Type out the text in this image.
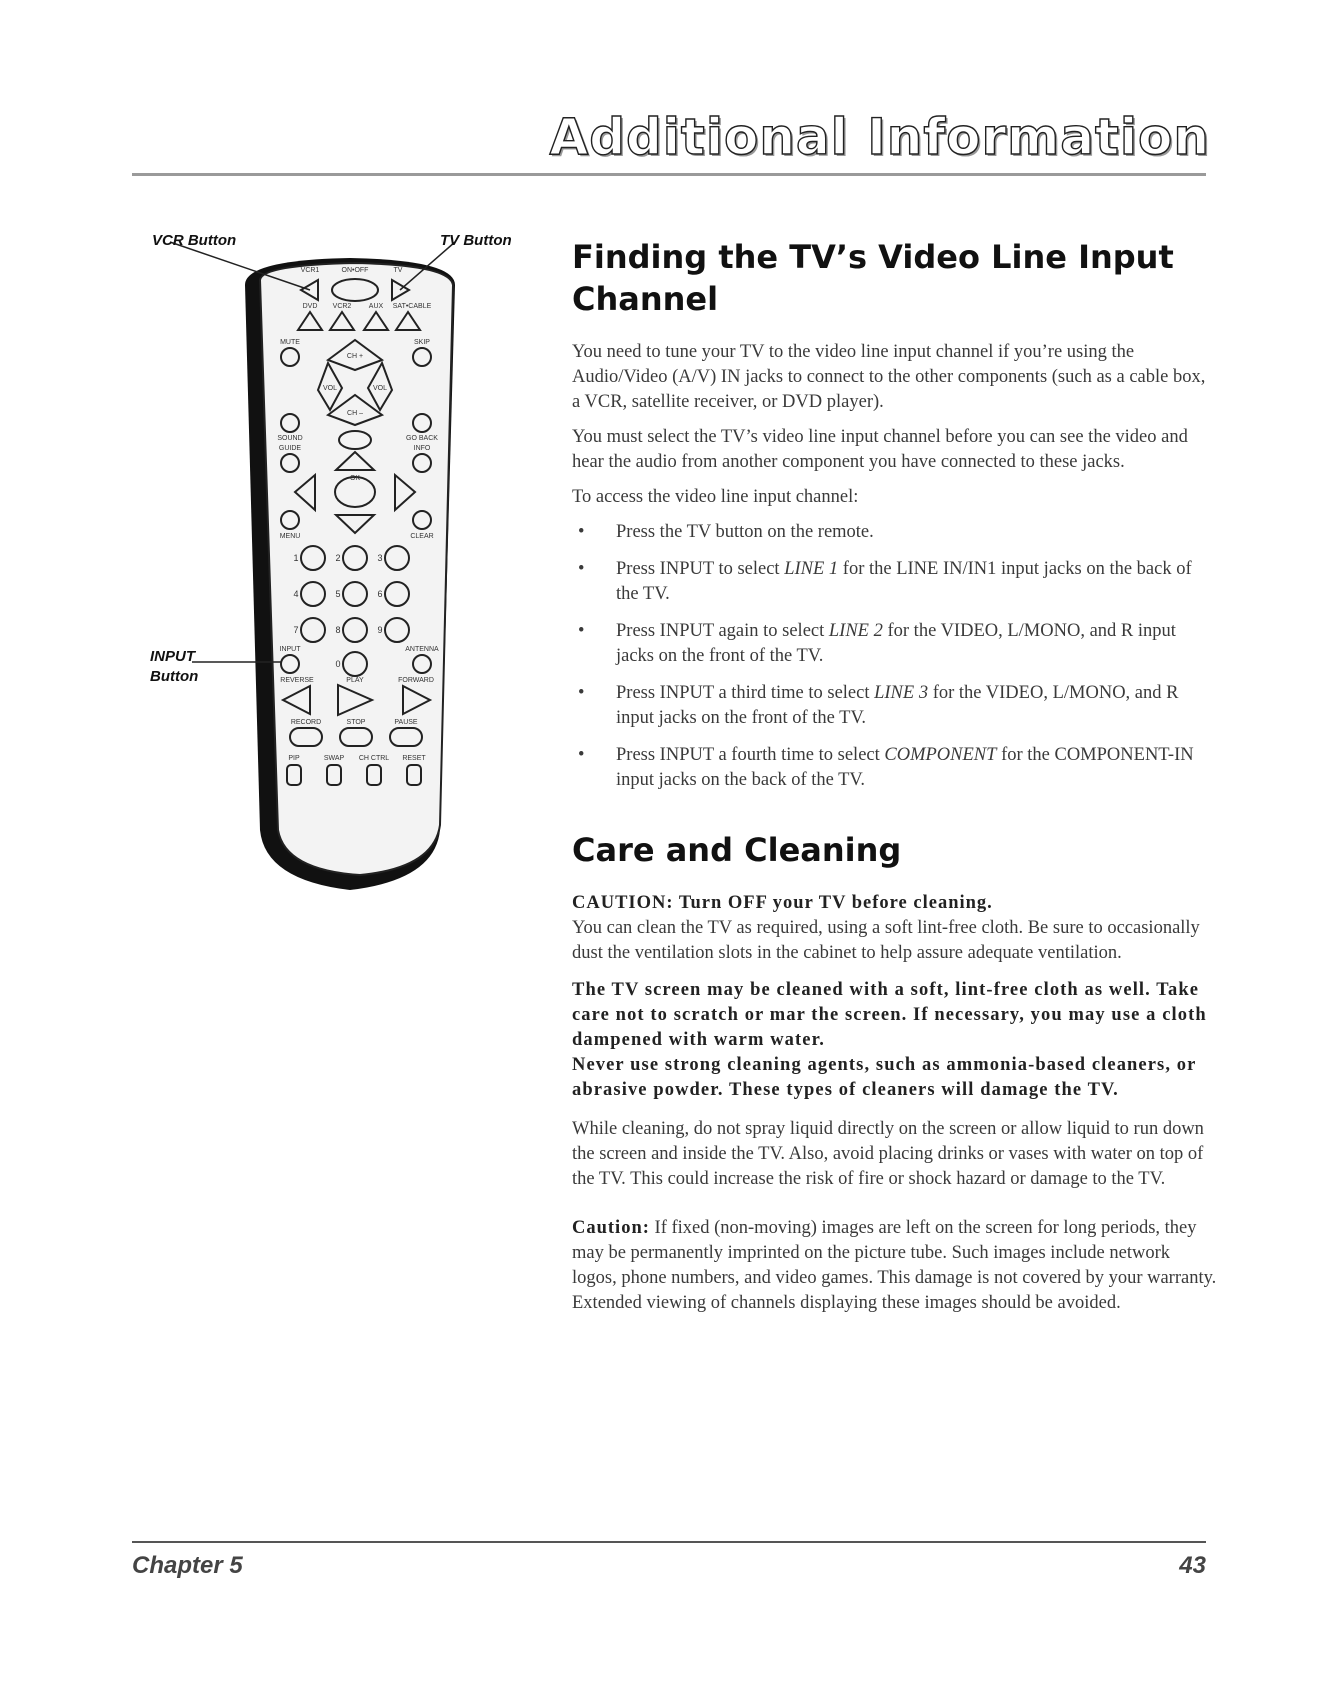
Additional Information
VCR1	ON•OFF	TV
DVD VCR2 AUX SAT•CABLE
MUTE	SKIP
CH +
VOL	VOL
CH –
SOUND	GO BACK
GUIDE	INFO
OK
MENU	CLEAR
1	2	3
4	5	6
7	8	9
0
INPUT	ANTENNA
REVERSE	PLAY	FORWARD
RECORD	STOP	PAUSE
PIP	SWAP CH CTRL RESET
VCR Button	TV Button
INPUT
Button
Finding the TV’s Video Line Input
Channel

You need to tune your TV to the video line input channel if you’re using the Audio/Video (A/V) IN jacks to connect to the other components (such as a cable box, a VCR, satellite receiver, or DVD player).

You must select the TV’s video line input channel before you can see the video and hear the audio from another component you have connected to these jacks.

To access the video line input channel:

• Press the TV button on the remote.
• Press INPUT to select LINE 1 for the LINE IN/IN1 input jacks on the back of the TV.
• Press INPUT again to select LINE 2 for the VIDEO, L/MONO, and R input jacks on the front of the TV.
• Press INPUT a third time to select LINE 3 for the VIDEO, L/MONO, and R input jacks on the front of the TV.
• Press INPUT a fourth time to select COMPONENT for the COMPONENT-IN input jacks on the back of the TV.
Care and Cleaning

CAUTION: Turn OFF your TV before cleaning.

You can clean the TV as required, using a soft lint-free cloth. Be sure to occasionally dust the ventilation slots in the cabinet to help assure adequate ventilation.

The TV screen may be cleaned with a soft, lint-free cloth as well. Take care not to scratch or mar the screen. If necessary, you may use a cloth dampened with warm water.

Never use strong cleaning agents, such as ammonia-based cleaners, or abrasive powder. These types of cleaners will damage the TV.

While cleaning, do not spray liquid directly on the screen or allow liquid to run down the screen and inside the TV. Also, avoid placing drinks or vases with water on top of the TV. This could increase the risk of fire or shock hazard or damage to the TV.

Caution: If fixed (non-moving) images are left on the screen for long periods, they may be permanently imprinted on the picture tube. Such images include network logos, phone numbers, and video games. This damage is not covered by your warranty. Extended viewing of channels displaying these images should be avoided.

Chapter 5	43
